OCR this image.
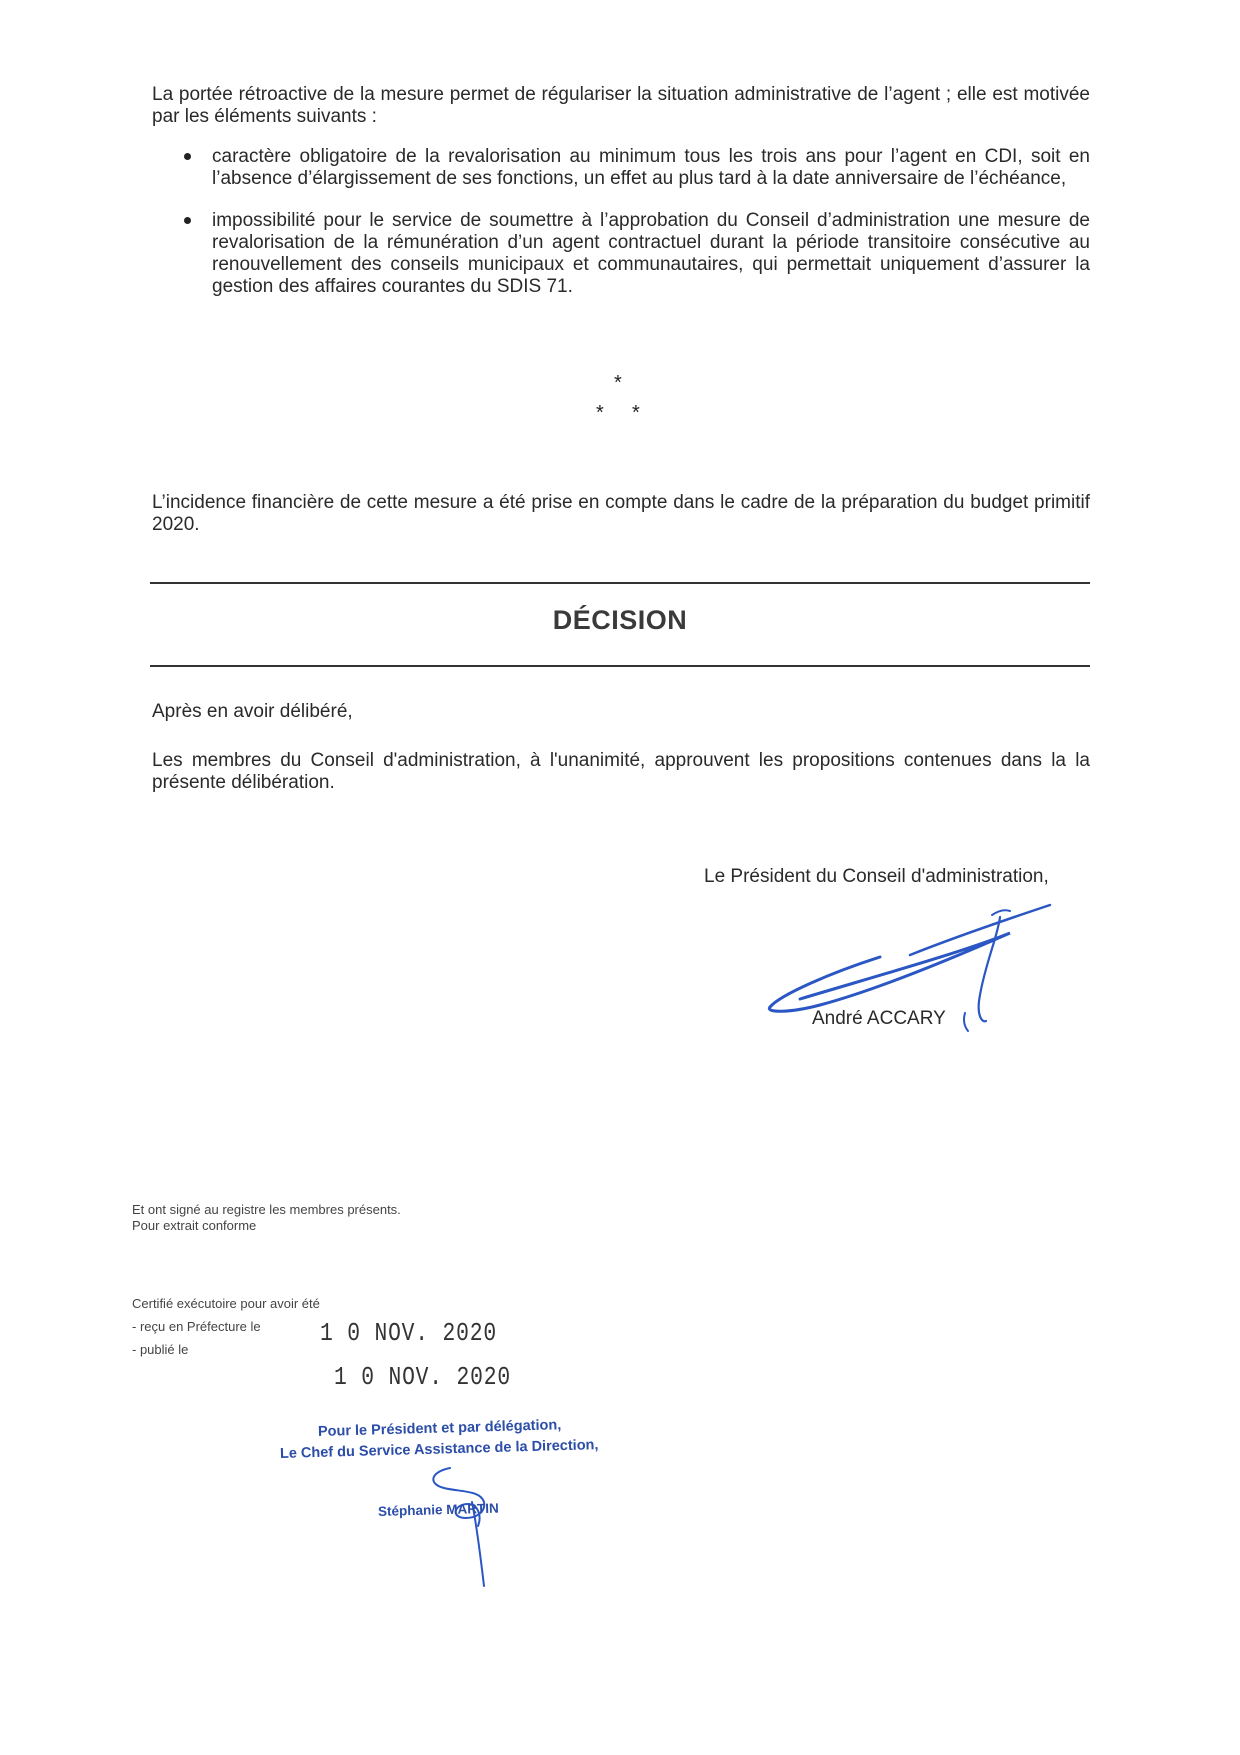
La portée rétroactive de la mesure permet de régulariser la situation administrative de l’agent ; elle est motivée par les éléments suivants :
caractère obligatoire de la revalorisation au minimum tous les trois ans pour l’agent en CDI, soit en l’absence d’élargissement de ses fonctions, un effet au plus tard à la date anniversaire de l’échéance,
impossibilité pour le service de soumettre à l’approbation du Conseil d’administration une mesure de revalorisation de la rémunération d’un agent contractuel durant la période transitoire consécutive au renouvellement des conseils municipaux et communautaires, qui permettait uniquement d’assurer la gestion des affaires courantes du SDIS 71.
*
* *
L’incidence financière de cette mesure a été prise en compte dans le cadre de la préparation du budget primitif 2020.
DÉCISION
Après en avoir délibéré,
Les membres du Conseil d'administration, à l'unanimité, approuvent les propositions contenues dans la la présente délibération.
Le Président du Conseil d'administration,
André ACCARY
Et ont signé au registre les membres présents.
Pour extrait conforme
Certifié exécutoire pour avoir été
- reçu en Préfecture le
- publié le
1 0 NOV. 2020
1 0 NOV. 2020
Pour le Président et par délégation,
Le Chef du Service Assistance de la Direction,
Stéphanie MARTIN
